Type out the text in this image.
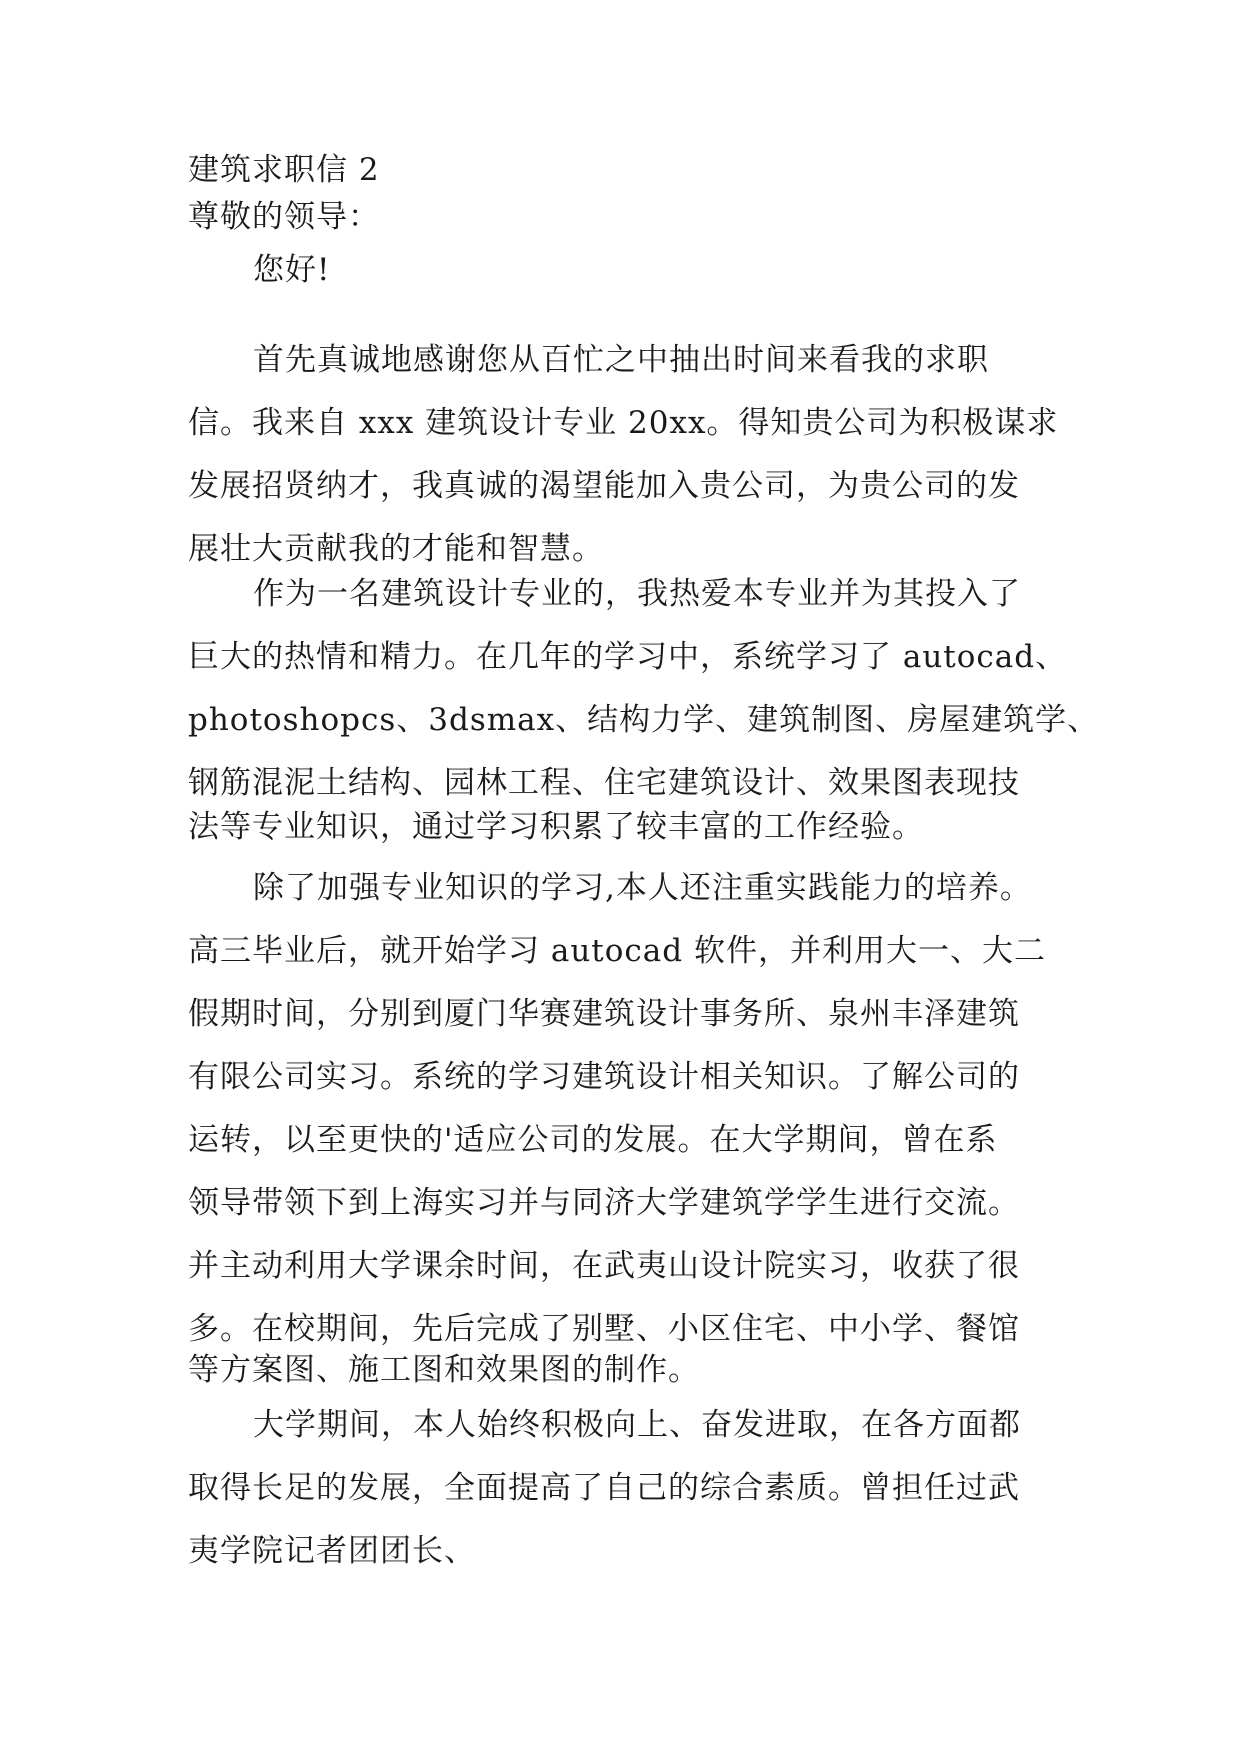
建筑求职信 2
尊敬的领导：
您好!
首先真诚地感谢您从百忙之中抽出时间来看我的求职
信。我来自 xxx 建筑设计专业 20xx。得知贵公司为积极谋求
发展招贤纳才，我真诚的渴望能加入贵公司，为贵公司的发
展壮大贡献我的才能和智慧。
作为一名建筑设计专业的，我热爱本专业并为其投入了
巨大的热情和精力。在几年的学习中，系统学习了 autocad、
photoshopcs、3dsmax、结构力学、建筑制图、房屋建筑学、
钢筋混泥土结构、园林工程、住宅建筑设计、效果图表现技
法等专业知识，通过学习积累了较丰富的工作经验。
除了加强专业知识的学习,本人还注重实践能力的培养。
高三毕业后，就开始学习 autocad 软件，并利用大一、大二
假期时间，分别到厦门华赛建筑设计事务所、泉州丰泽建筑
有限公司实习。系统的学习建筑设计相关知识。了解公司的
运转，以至更快的'适应公司的发展。在大学期间，曾在系
领导带领下到上海实习并与同济大学建筑学学生进行交流。
并主动利用大学课余时间，在武夷山设计院实习，收获了很
多。在校期间，先后完成了别墅、小区住宅、中小学、餐馆
等方案图、施工图和效果图的制作。
大学期间，本人始终积极向上、奋发进取，在各方面都
取得长足的发展，全面提高了自己的综合素质。曾担任过武
夷学院记者团团长、
